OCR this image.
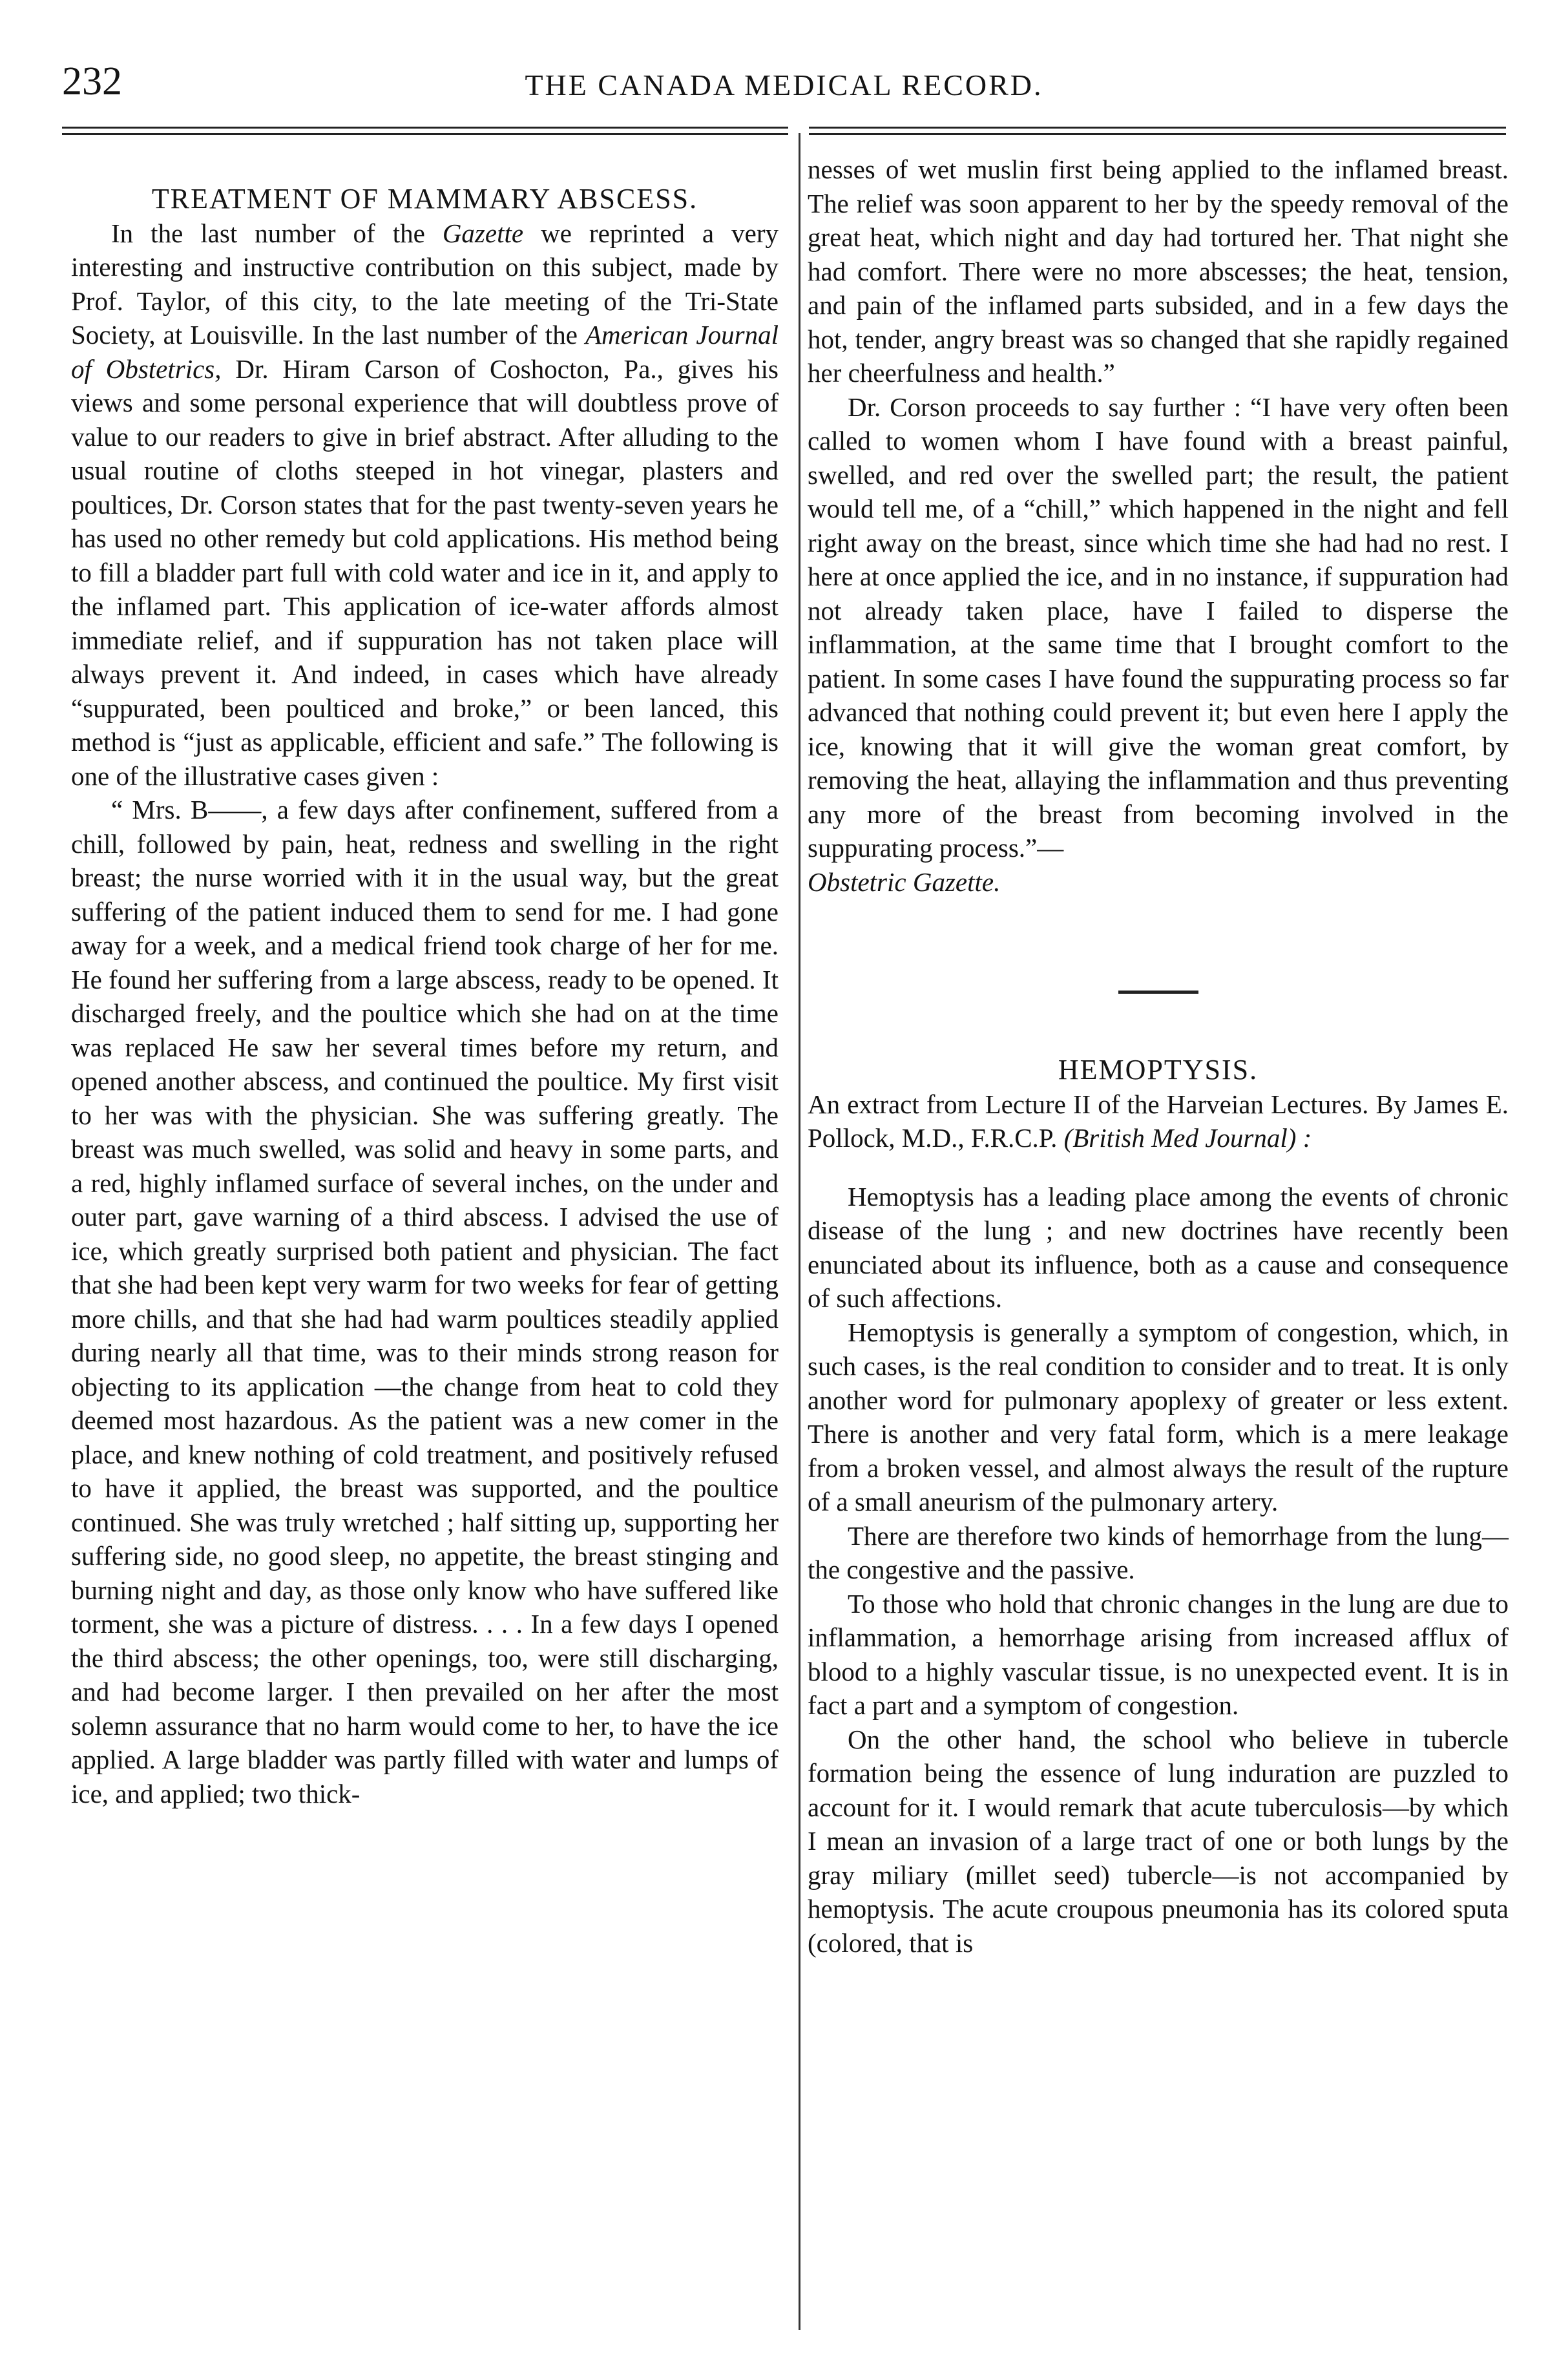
232	THE CANADA MEDICAL RECORD.

TREATMENT OF MAMMARY ABSCESS.

In the last number of the Gazette we reprinted a very interesting and instructive contribution on this subject, made by Prof. Taylor, of this city, to the late meeting of the Tri-State Society, at Louisville. In the last number of the American Journal of Obstetrics, Dr. Hiram Carson of Coshocton, Pa., gives his views and some personal experience that will doubtless prove of value to our readers to give in brief abstract. After alluding to the usual routine of cloths steeped in hot vinegar, plasters and poultices, Dr. Corson states that for the past twenty-seven years he has used no other remedy but cold applications. His method being to fill a bladder part full with cold water and ice in it, and apply to the inflamed part. This application of ice-water affords almost immediate relief, and if suppuration has not taken place will always prevent it. And indeed, in cases which have already “suppurated, been poulticed and broke,” or been lanced, this method is “just as applicable, efficient and safe.” The following is one of the illustrative cases given :

“ Mrs. B——, a few days after confinement, suffered from a chill, followed by pain, heat, redness and swelling in the right breast; the nurse worried with it in the usual way, but the great suffering of the patient induced them to send for me. I had gone away for a week, and a medical friend took charge of her for me. He found her suffering from a large abscess, ready to be opened. It discharged freely, and the poultice which she had on at the time was replaced He saw her several times before my return, and opened another abscess, and continued the poultice. My first visit to her was with the physician. She was suffering greatly. The breast was much swelled, was solid and heavy in some parts, and a red, highly inflamed surface of several inches, on the under and outer part, gave warning of a third abscess. I advised the use of ice, which greatly surprised both patient and physician. The fact that she had been kept very warm for two weeks for fear of getting more chills, and that she had had warm poultices steadily applied during nearly all that time, was to their minds strong reason for objecting to its application —the change from heat to cold they deemed most hazardous. As the patient was a new comer in the place, and knew nothing of cold treatment, and positively refused to have it applied, the breast was supported, and the poultice continued. She was truly wretched ; half sitting up, supporting her suffering side, no good sleep, no appetite, the breast stinging and burning night and day, as those only know who have suffered like torment, she was a picture of distress. . . . In a few days I opened the third abscess; the other openings, too, were still discharging, and had become larger. I then prevailed on her after the most solemn assurance that no harm would come to her, to have the ice applied. A large bladder was partly filled with water and lumps of ice, and applied; two thick-

nesses of wet muslin first being applied to the inflamed breast. The relief was soon apparent to her by the speedy removal of the great heat, which night and day had tortured her. That night she had comfort. There were no more abscesses; the heat, tension, and pain of the inflamed parts subsided, and in a few days the hot, tender, angry breast was so changed that she rapidly regained her cheerfulness and health.”

Dr. Corson proceeds to say further : “I have very often been called to women whom I have found with a breast painful, swelled, and red over the swelled part; the result, the patient would tell me, of a “chill,” which happened in the night and fell right away on the breast, since which time she had had no rest. I here at once applied the ice, and in no instance, if suppuration had not already taken place, have I failed to disperse the inflammation, at the same time that I brought comfort to the patient. In some cases I have found the suppurating process so far advanced that nothing could prevent it; but even here I apply the ice, knowing that it will give the woman great comfort, by removing the heat, allaying the inflammation and thus preventing any more of the breast from becoming involved in the suppurating process.”—
Obstetric Gazette.

HEMOPTYSIS.

An extract from Lecture II of the Harveian Lectures. By James E. Pollock, M.D., F.R.C.P. (British Med Journal) :

Hemoptysis has a leading place among the events of chronic disease of the lung ; and new doctrines have recently been enunciated about its influence, both as a cause and consequence of such affections.

Hemoptysis is generally a symptom of congestion, which, in such cases, is the real condition to consider and to treat. It is only another word for pulmonary apoplexy of greater or less extent. There is another and very fatal form, which is a mere leakage from a broken vessel, and almost always the result of the rupture of a small aneurism of the pulmonary artery.

There are therefore two kinds of hemorrhage from the lung—the congestive and the passive.

To those who hold that chronic changes in the lung are due to inflammation, a hemorrhage arising from increased afflux of blood to a highly vascular tissue, is no unexpected event. It is in fact a part and a symptom of congestion.

On the other hand, the school who believe in tubercle formation being the essence of lung induration are puzzled to account for it. I would remark that acute tuberculosis—by which I mean an invasion of a large tract of one or both lungs by the gray miliary (millet seed) tubercle—is not accompanied by hemoptysis. The acute croupous pneumonia has its colored sputa (colored, that is
